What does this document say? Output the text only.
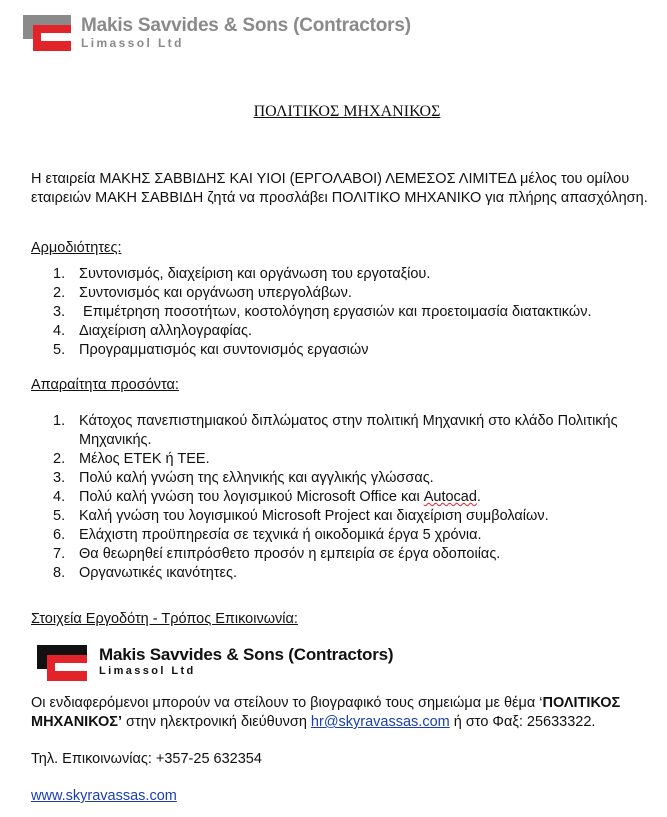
Makis Savvides & Sons (Contractors)
Limassol Ltd
ΠΟΛΙΤΙΚΟΣ ΜΗΧΑΝΙΚΟΣ
Η εταιρεία ΜΑΚΗΣ ΣΑΒΒΙΔΗΣ ΚΑΙ ΥΙΟΙ (ΕΡΓΟΛΑΒΟΙ) ΛΕΜΕΣΟΣ ΛΙΜΙΤΕΔ μέλος του ομίλου εταιρειών ΜΑΚΗ ΣΑΒΒΙΔΗ ζητά να προσλάβει ΠΟΛΙΤΙΚΟ ΜΗΧΑΝΙΚΟ για πλήρης απασχόληση.
Αρμοδιότητες:
1. Συντονισμός, διαχείριση και οργάνωση του εργοταξίου.
2. Συντονισμός και οργάνωση υπεργολάβων.
3. Επιμέτρηση ποσοτήτων, κοστολόγηση εργασιών και προετοιμασία διατακτικών.
4. Διαχείριση αλληλογραφίας.
5. Προγραμματισμός και συντονισμός εργασιών
Απαραίτητα προσόντα:
1. Κάτοχος πανεπιστημιακού διπλώματος στην πολιτική Μηχανική στο κλάδο Πολιτικής Μηχανικής.
2. Μέλος ΕΤΕΚ ή ΤΕΕ.
3. Πολύ καλή γνώση της ελληνικής και αγγλικής γλώσσας.
4. Πολύ καλή γνώση του λογισμικού Microsoft Office και Autocad.
5. Καλή γνώση του λογισμικού Microsoft Project και διαχείριση συμβολαίων.
6. Ελάχιστη προϋπηρεσία σε τεχνικά ή οικοδομικά έργα 5 χρόνια.
7. Θα θεωρηθεί επιπρόσθετο προσόν η εμπειρία σε έργα οδοποιίας.
8. Οργανωτικές ικανότητες.
Στοιχεία Εργοδότη - Τρόπος Επικοινωνία:
Makis Savvides & Sons (Contractors)
Limassol Ltd
Οι ενδιαφερόμενοι μπορούν να στείλουν το βιογραφικό τους σημειώμα με θέμα ‘ΠΟΛΙΤΙΚΟΣ ΜΗΧΑΝΙΚΟΣ’ στην ηλεκτρονική διεύθυνση hr@skyravassas.com ή στο Φαξ: 25633322.
Τηλ. Επικοινωνίας: +357-25 632354
www.skyravassas.com
